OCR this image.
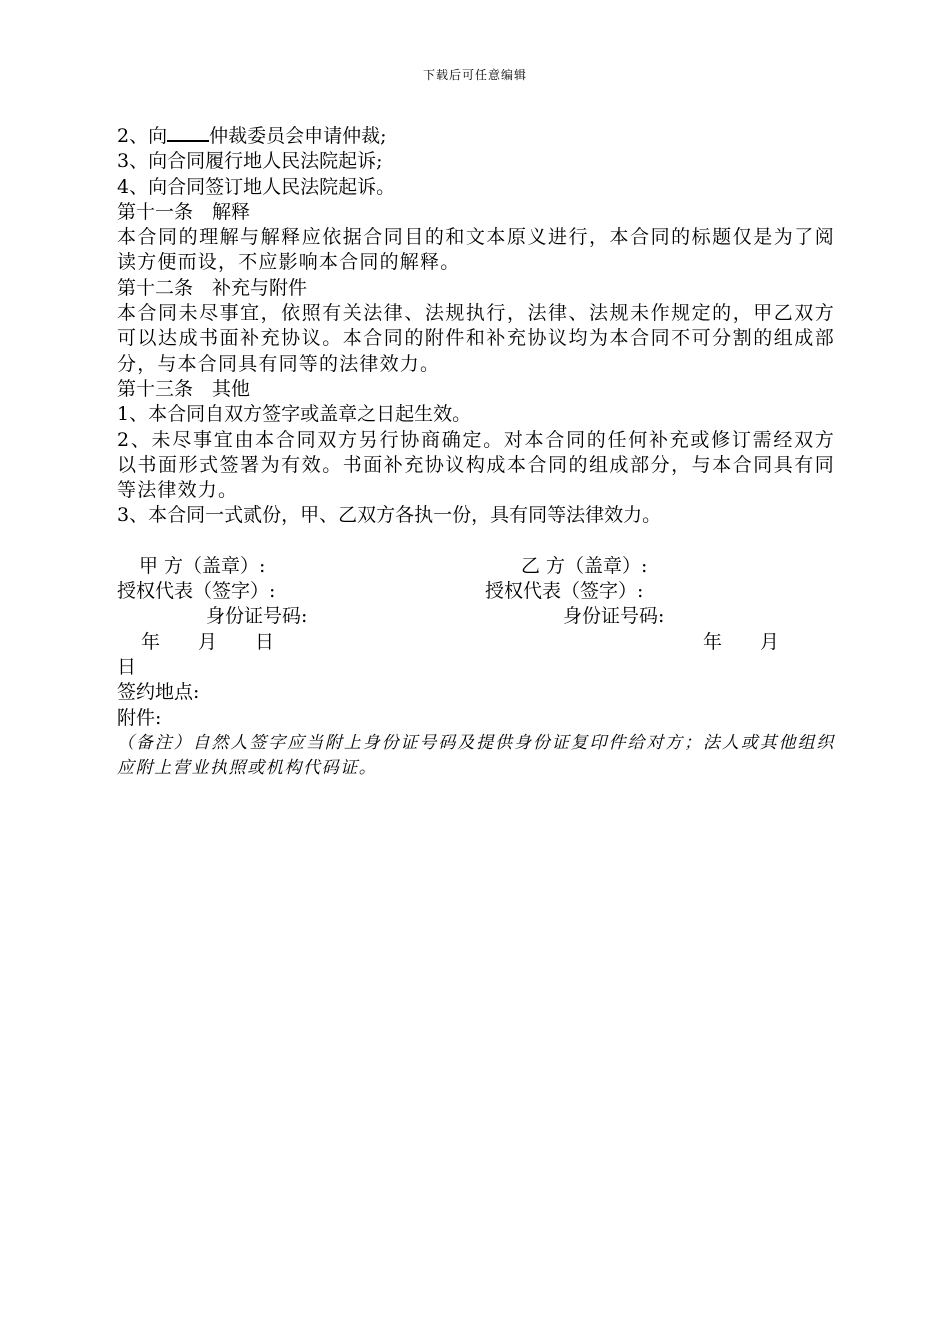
下载后可任意编辑
2、向 仲裁委员会申请仲裁;
3、向合同履行地人民法院起诉;
4、向合同签订地人民法院起诉。
第十一条　解释
本合同的理解与解释应依据合同目的和文本原义进行，本合同的标题仅是为了阅读方便而设，不应影响本合同的解释。
第十二条　补充与附件
本合同未尽事宜，依照有关法律、法规执行，法律、法规未作规定的，甲乙双方可以达成书面补充协议。本合同的附件和补充协议均为本合同不可分割的组成部分，与本合同具有同等的法律效力。
第十三条　其他
1、本合同自双方签字或盖章之日起生效。
2、未尽事宜由本合同双方另行协商确定。对本合同的任何补充或修订需经双方以书面形式签署为有效。书面补充协议构成本合同的组成部分，与本合同具有同等法律效力。
3、本合同一式贰份，甲、乙双方各执一份，具有同等法律效力。
甲 方（盖章）:	乙 方（盖章）:
授权代表（签字）:	授权代表（签字）:
身份证号码:	身份证号码:
年　　月　　日	年　　月
日
签约地点:
附件:
（备注）自然人签字应当附上身份证号码及提供身份证复印件给对方；法人或其他组织应附上营业执照或机构代码证。
